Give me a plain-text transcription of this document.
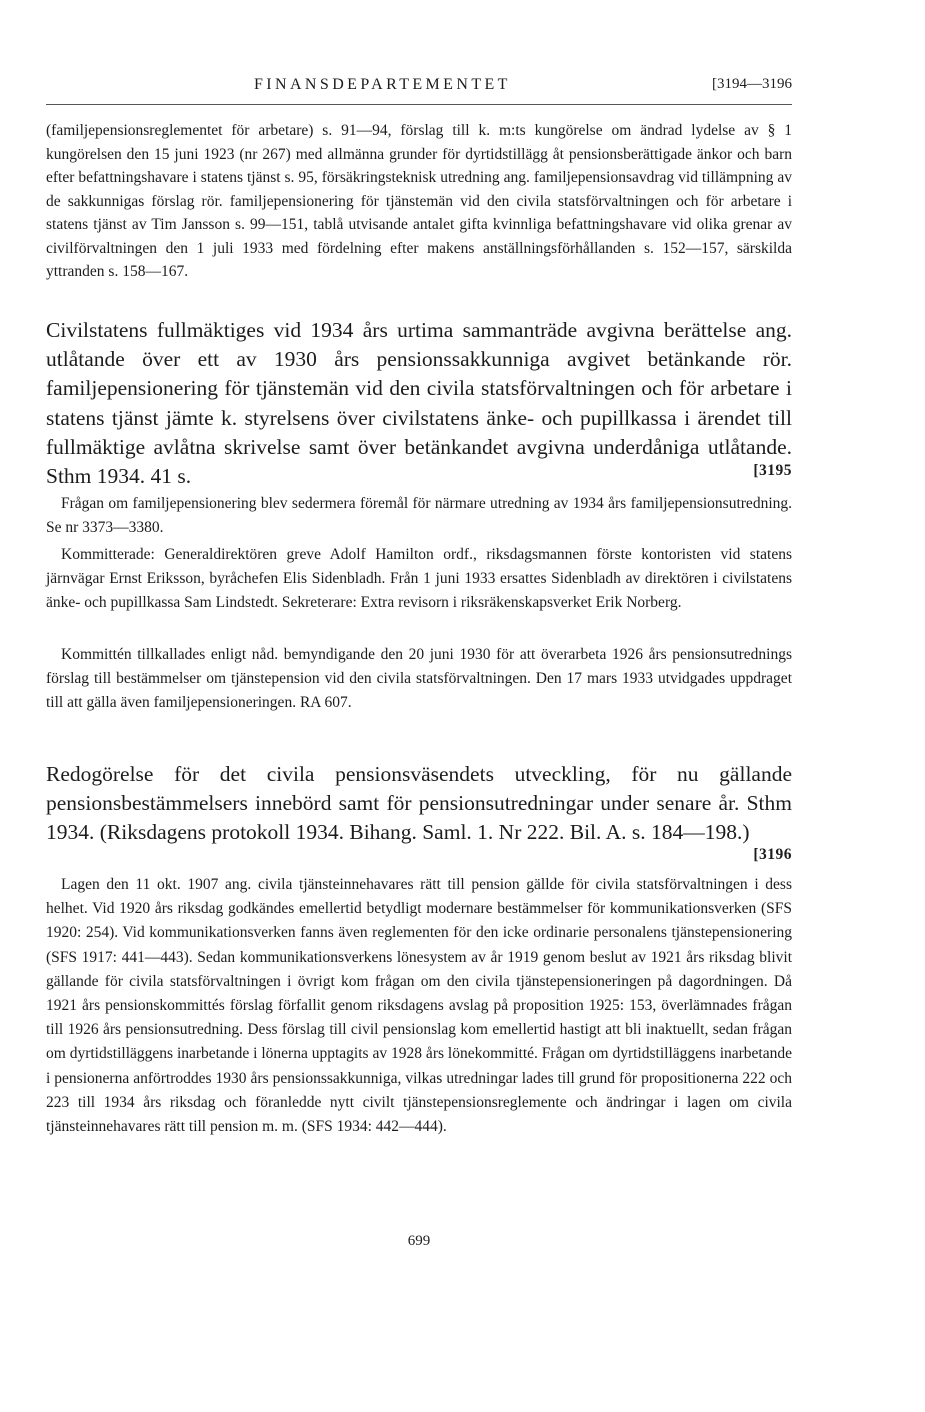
FINANSDEPARTEMENTET	[3194—3196

(familjepensionsreglementet för arbetare) s. 91—94, förslag till k. m:ts kungörelse om ändrad lydelse av § 1 kungörelsen den 15 juni 1923 (nr 267) med allmänna grunder för dyrtidstillägg åt pensionsberättigade änkor och barn efter befattningshavare i statens tjänst s. 95, försäkringsteknisk utredning ang. familjepensionsavdrag vid tillämpning av de sakkunnigas förslag rör. familjepensionering för tjänstemän vid den civila statsförvaltningen och för arbetare i statens tjänst av Tim Jansson s. 99—151, tablå utvisande antalet gifta kvinnliga befattningshavare vid olika grenar av civilförvaltningen den 1 juli 1933 med fördelning efter makens anställningsförhållanden s. 152—157, särskilda yttranden s. 158—167.

Civilstatens fullmäktiges vid 1934 års urtima sammanträde avgivna berättelse ang. utlåtande över ett av 1930 års pensionssakkunniga avgivet betänkande rör. familjepensionering för tjänstemän vid den civila statsförvaltningen och för arbetare i statens tjänst jämte k. styrelsens över civilstatens änke- och pupillkassa i ärendet till fullmäktige avlåtna skrivelse samt över betänkandet avgivna underdåniga utlåtande. Sthm 1934. 41 s.	[3195

Frågan om familjepensionering blev sedermera föremål för närmare utredning av 1934 års familjepensionsutredning. Se nr 3373—3380.

Kommitterade: Generaldirektören greve Adolf Hamilton ordf., riksdagsmannen förste kontoristen vid statens järnvägar Ernst Eriksson, byråchefen Elis Sidenbladh. Från 1 juni 1933 ersattes Sidenbladh av direktören i civilstatens änke- och pupillkassa Sam Lindstedt. Sekreterare: Extra revisorn i riksräkenskapsverket Erik Norberg.

Kommittén tillkallades enligt nåd. bemyndigande den 20 juni 1930 för att överarbeta 1926 års pensionsutrednings förslag till bestämmelser om tjänstepension vid den civila statsförvaltningen. Den 17 mars 1933 utvidgades uppdraget till att gälla även familjepensioneringen. RA 607.

Redogörelse för det civila pensionsväsendets utveckling, för nu gällande pensionsbestämmelsers innebörd samt för pensionsutredningar under senare år. Sthm 1934. (Riksdagens protokoll 1934. Bihang. Saml. 1. Nr 222. Bil. A. s. 184—198.)

[3196

Lagen den 11 okt. 1907 ang. civila tjänsteinnehavares rätt till pension gällde för civila statsförvaltningen i dess helhet. Vid 1920 års riksdag godkändes emellertid betydligt modernare bestämmelser för kommunikationsverken (SFS 1920: 254). Vid kommunikationsverken fanns även reglementen för den icke ordinarie personalens tjänstepensionering (SFS 1917: 441—443). Sedan kommunikationsverkens lönesystem av år 1919 genom beslut av 1921 års riksdag blivit gällande för civila statsförvaltningen i övrigt kom frågan om den civila tjänstepensioneringen på dagordningen. Då 1921 års pensionskommittés förslag förfallit genom riksdagens avslag på proposition 1925: 153, överlämnades frågan till 1926 års pensionsutredning. Dess förslag till civil pensionslag kom emellertid hastigt att bli inaktuellt, sedan frågan om dyrtidstilläggens inarbetande i lönerna upptagits av 1928 års lönekommitté. Frågan om dyrtidstilläggens inarbetande i pensionerna anförtroddes 1930 års pensionssakkunniga, vilkas utredningar lades till grund för propositionerna 222 och 223 till 1934 års riksdag och föranledde nytt civilt tjänstepensionsreglemente och ändringar i lagen om civila tjänsteinnehavares rätt till pension m. m. (SFS 1934: 442—444).

699
